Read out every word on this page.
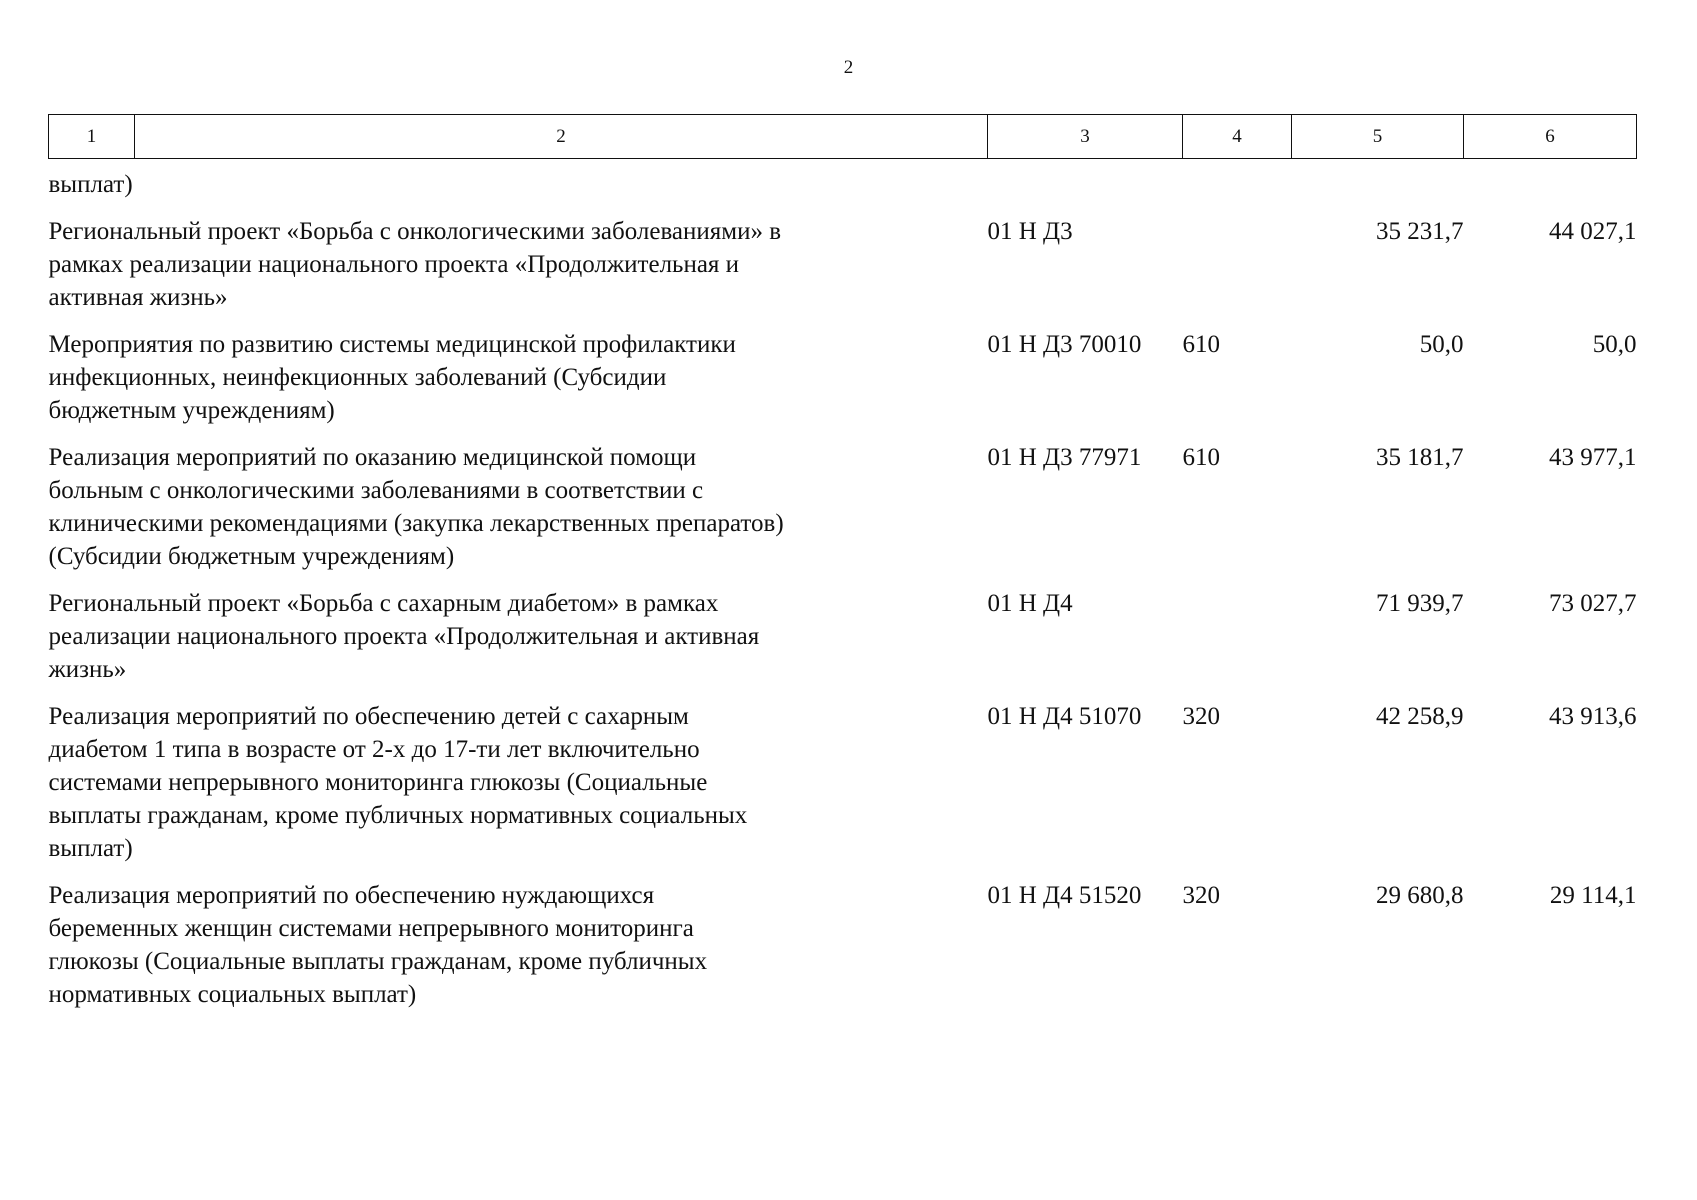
2
1	2	3	4	5	6
выплат)					
Региональный проект «Борьба с онкологическими заболеваниями» в
рамках реализации национального проекта «Продолжительная и
активная жизнь»		01 Н Д3		35 231,7	44 027,1
Мероприятия по развитию системы медицинской профилактики
инфекционных, неинфекционных заболеваний (Субсидии
бюджетным учреждениям)		01 Н Д3 70010	610	50,0	50,0
Реализация мероприятий по оказанию медицинской помощи
больным с онкологическими заболеваниями в соответствии с
клиническими рекомендациями (закупка лекарственных препаратов)
(Субсидии бюджетным учреждениям)		01 Н Д3 77971	610	35 181,7	43 977,1
Региональный проект «Борьба с сахарным диабетом» в рамках
реализации национального проекта «Продолжительная и активная
жизнь»		01 Н Д4		71 939,7	73 027,7
Реализация мероприятий по обеспечению детей с сахарным
диабетом 1 типа в возрасте от 2-х до 17-ти лет включительно
системами непрерывного мониторинга глюкозы (Социальные
выплаты гражданам, кроме публичных нормативных социальных
выплат)		01 Н Д4 51070	320	42 258,9	43 913,6
Реализация мероприятий по обеспечению нуждающихся
беременных женщин системами непрерывного мониторинга
глюкозы (Социальные выплаты гражданам, кроме публичных
нормативных социальных выплат)		01 Н Д4 51520	320	29 680,8	29 114,1
